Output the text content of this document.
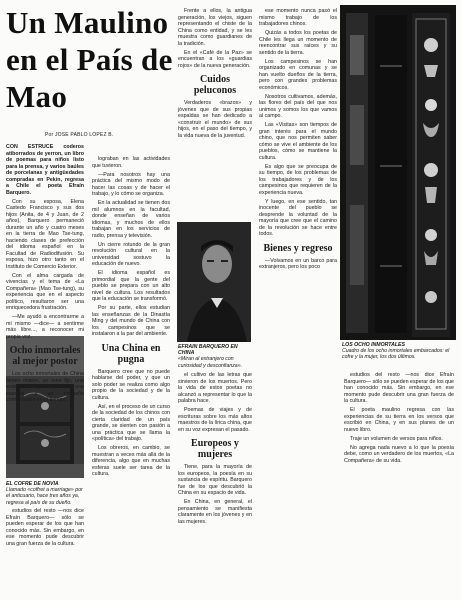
Un Maulino en el País de Mao
Por JOSE PABLO LOPEZ B.
EL COFRE DE NOVIA
Llamado «coffret a marriage» por el anticuario, hace tres años ya, regresa al país de su dueño.
EFRAIN BARQUERO EN CHINA
«Miran al extranjero con curiosidad y desconfianza».
LOS OCHO INMORTALES
Cuadro de los ocho inmortales embarcados: el cofre y la mujer, los dos últimos.

CON ESTRUCE coderos atiborrados de yerron, un libro de poemas para niños listo para la prensa, y varios baúles de porcelanas y antigüedades compradas en Pekín, regresa a Chile el poeta Efraín Barquero.

Con su esposa, Elena Castedo Francisco y sus dos hijos (Anita, de 4 y Juan, de 2 años), Barquero permaneció durante un año y cuatro meses en la tierra de Mao Tse-tung, haciendo clases de prefección del idioma español en la Facultad de Radiodifusión. Su esposa, hizo otro tanto en el Instituto de Comercio Exterior.

Con el alma cargada de vivencias y el tema de «La Compañera» (Mao Tse-tung), su experiencia que en el aspecto político, resultaron ser una enriquecedora frustración.

—Me ayudó a encontrarme a mí mismo —dice— a sentirme más libre..., a reconocer mi propia voz.

Ocho inmortales al mejor postor

Los ocho inmortales de China tienen misión, un tono fijo, una existencia que invoca una esencia y un ensueño contrariados en el tiempo.

estudios del resto —nos dice Efraín Barquero— sólo se pueden esperar de los que han conocido más. Sin embargo, en ese momento pude descubrir una gran fuerza de la cultura.

lograban en las actividades que tuvieron.

—Para nosotros hay una práctica del mismo modo de hacer las cosas y de hacer el trabajo, y lo cómo se organiza.

En la actualidad se tienen dos mil alumnos en la facultad, donde enseñan de varios idiomas, y muchos de ellos trabajan en los servicios de radio, prensa y televisión.

Un cierre rotundo de la gran revolución cultural en la universidad sostuvo la educación de nuevo.

El idioma español es primordial que la gente del pueblo se prepara con un alto nivel de cultura. Los resultados que la educación se transformó.

Por su parte, ellos estudian las enseñanzas de la Dinastía Ming y del mundo de China con los campesinos que se instalaron a la par del ambiente.

Una China en pugna

Barquero cree que no puede hablarse del poder, y que un solo poder se realiza como algo propio de la sociedad y de la cultura.

Así, en el proceso de un curso de la sociedad de los chinos con cierta claridad de un país grande, se sienten con pasión a una práctica que se llama la «política» del trabajo.

Los obreros, en cambio, se muestran a veces más allá de la diferencia, algo que en muchas esferas suele ser tarea de la cultura.

Frente a ellos, la antigua generación, los viejos, siguen representando el chiste de la China como entidad, y se les muestra como guardianes de la tradición.

En el «Café de la Paz» se encuentran a los «guardias rojos» de la nueva generación.

Cuidos peluconos

Verdaderos «brazos» y jóvenes que de sus propias espaldas se han dedicado a «construir el mundo» de sus hijos, en el paso del tiempo, y la vida nueva de la juventud.

el cultivo de las letras que sirvieron de los muertos. Pero la vida de estos poetas no alcanzó a representar lo que la palabra hace.

Poemas de viajes y de escrituras sobre los más altos maestros de la lírica china, que en su voz expresan el pasado.

Europeos y mujeres

Tiene, para la mayoría de los europeos, la poesía en su sustancia de espíritu. Barquero fue de los que descubrió la China en su espacio de vida.

En China, en general, el pensamiento se manifiesta claramente en los jóvenes y en las mujeres.

ese momento nunca pasó el mismo trabajo de los trabajadores chinos.

Quizás a todos los poetas de Chile les llega un momento de reencontrar sus raíces y su sentido de la tierra.

Los campesinos se han organizado en comunas y se han vuelto dueños de la tierra, pero con grandes problemas económicos.

Nosotros cultivamos, además, las flores del país del que nos unimos y somos los que vamos al campo.

Las «Visitas» son tiempos de gran interés para el mundo chino, que nos permiten saber cómo se vive el ambiente de los pueblos, cómo se mantiene la cultura.

Es algo que se preocupa de su tiempo, de los problemas de los trabajadores y de los campesinos que requieren de la experiencia nueva.

Y luego, en ese sentido, tan inocente del pueblo se desprende la voluntad de la mayoría que cree que el camino de la revolución se hace entre todos.

Bienes y regreso

—Volvamos en un barco para extranjeros, pero los poco

estudios del resto —nos dice Efraín Barquero— sólo se pueden esperar de los que han conocido más. Sin embargo, en ese momento pude descubrir una gran fuerza de la cultura.

El poeta maulino regresa con las experiencias de su tierra en los versos que escribió en China, y en sus planes de un nuevo libro.

Traje un volumen de versos para niños.

No agrega nada nuevo a lo que la poesía debe, como un verdadero de los muertos, «La Compañera» de su vida.
